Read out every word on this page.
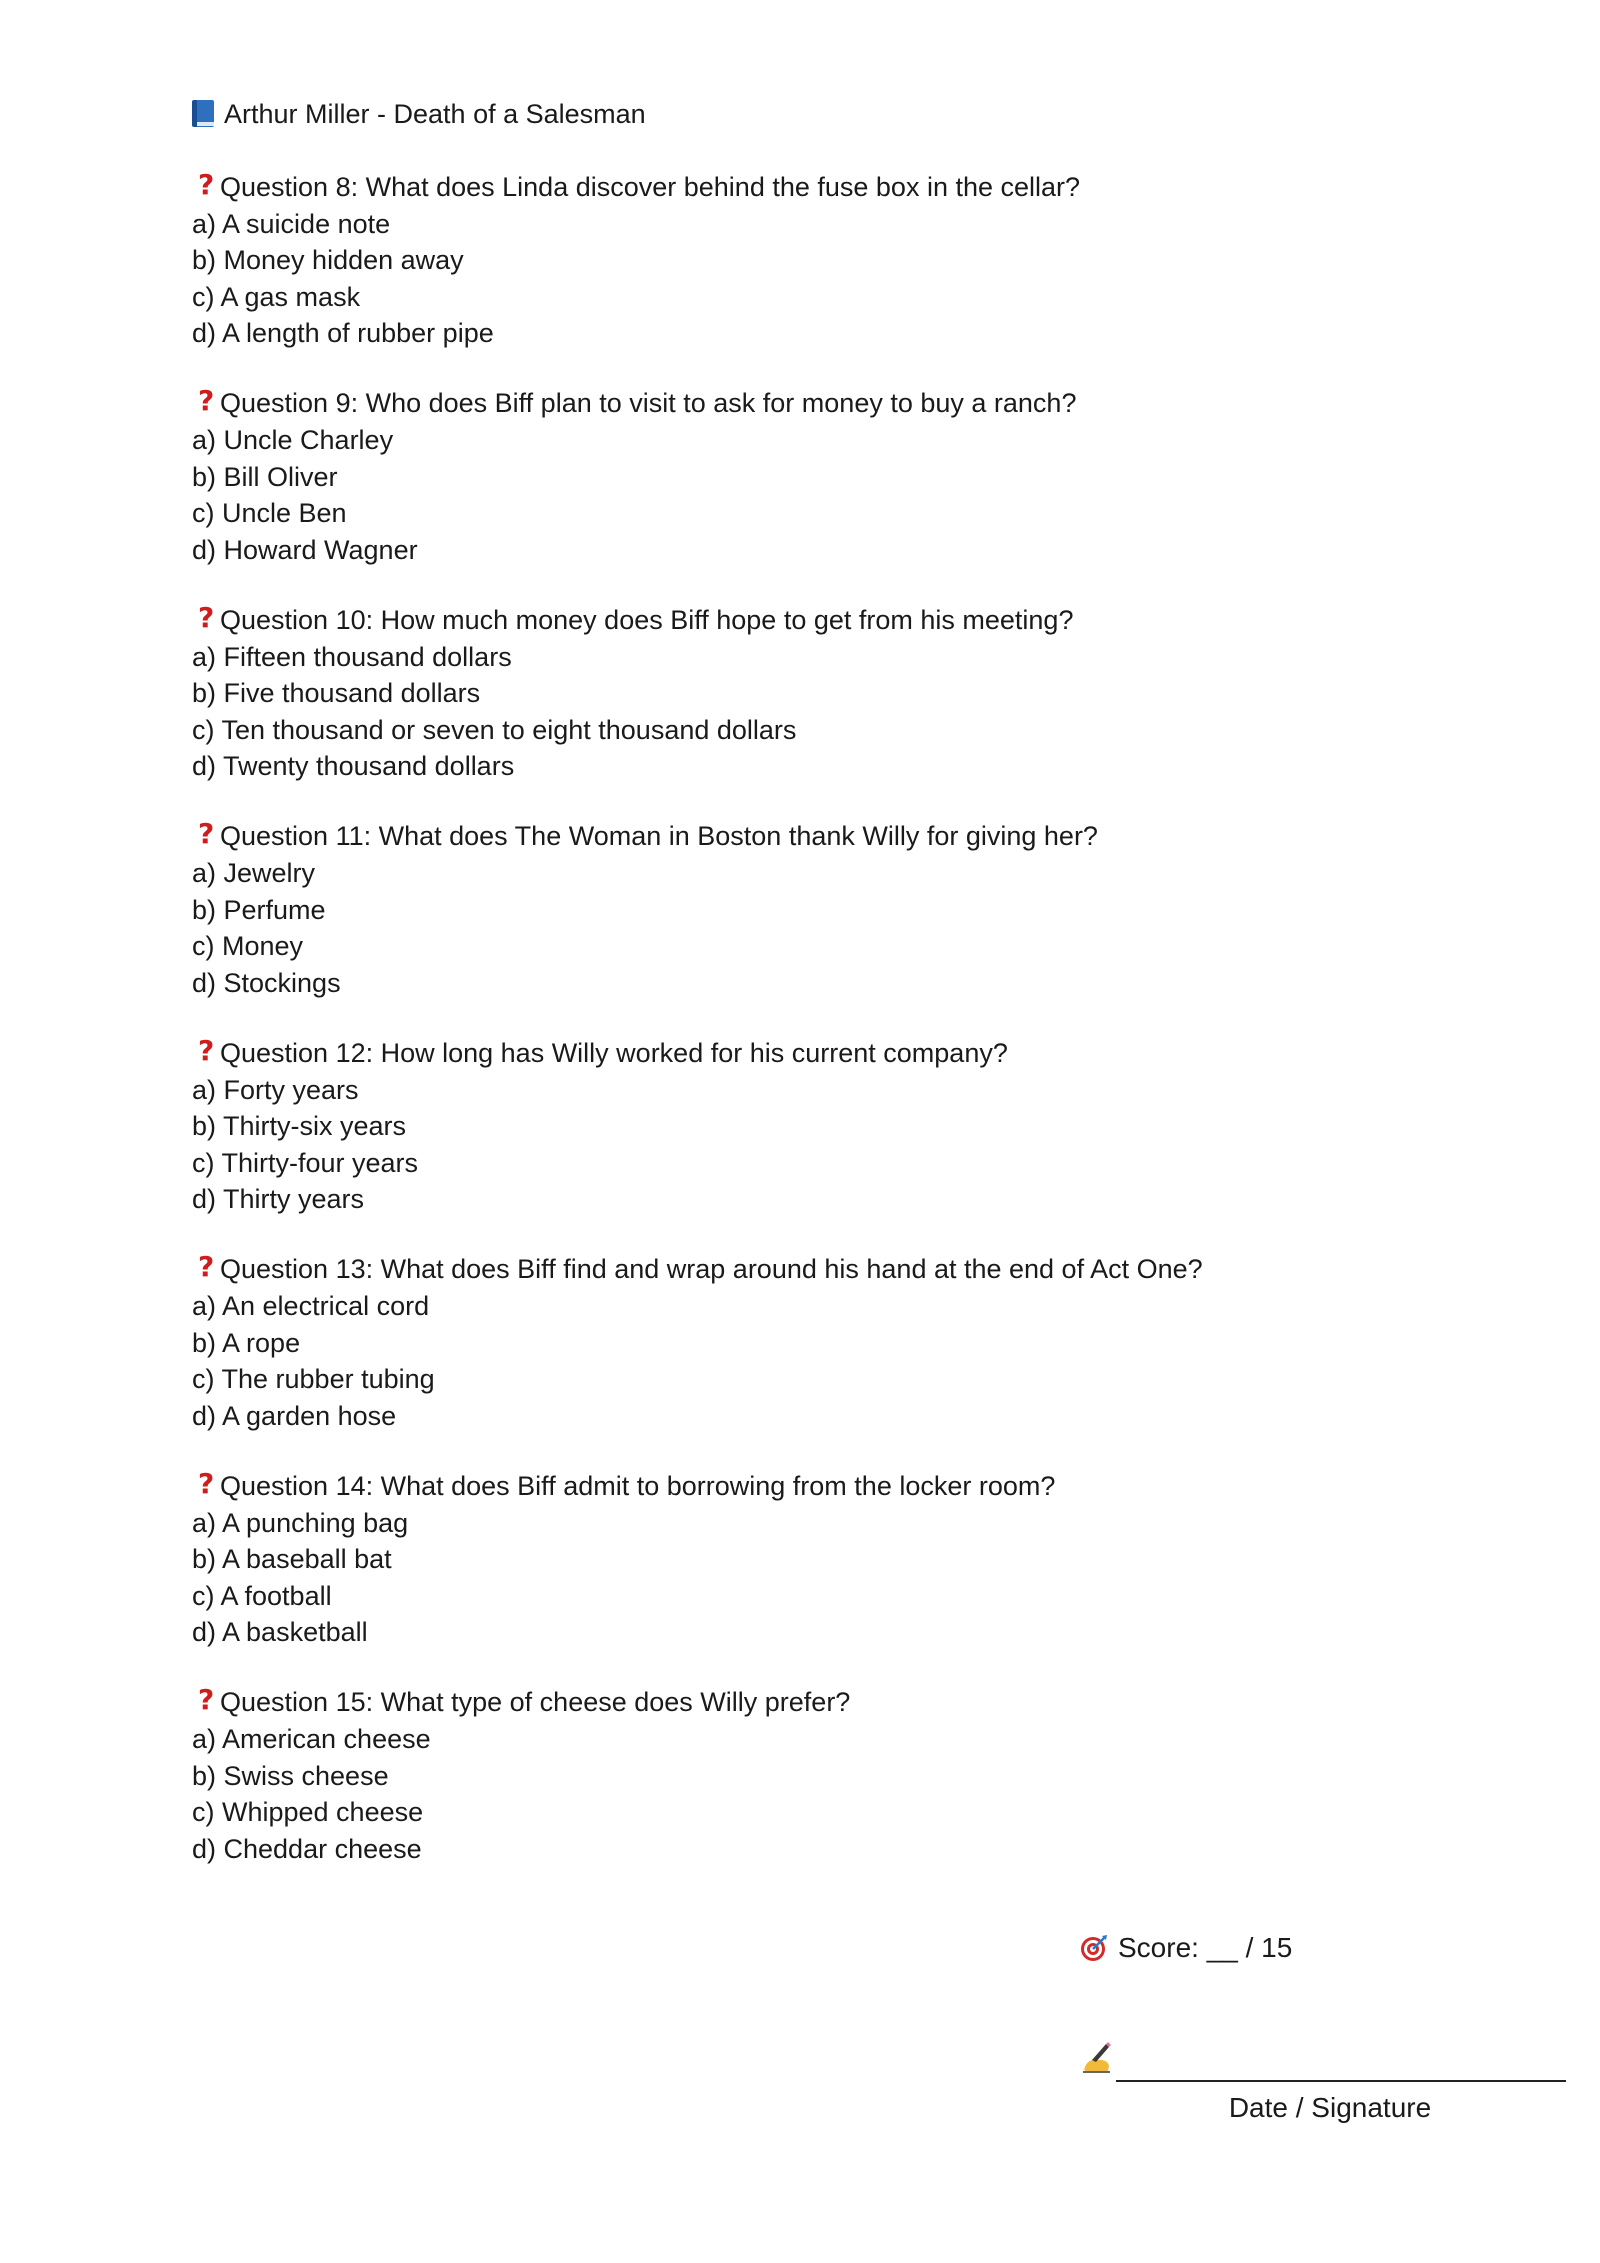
Arthur Miller - Death of a Salesman
? Question 8: What does Linda discover behind the fuse box in the cellar?
a) A suicide note
b) Money hidden away
c) A gas mask
d) A length of rubber pipe
? Question 9: Who does Biff plan to visit to ask for money to buy a ranch?
a) Uncle Charley
b) Bill Oliver
c) Uncle Ben
d) Howard Wagner
? Question 10: How much money does Biff hope to get from his meeting?
a) Fifteen thousand dollars
b) Five thousand dollars
c) Ten thousand or seven to eight thousand dollars
d) Twenty thousand dollars
? Question 11: What does The Woman in Boston thank Willy for giving her?
a) Jewelry
b) Perfume
c) Money
d) Stockings
? Question 12: How long has Willy worked for his current company?
a) Forty years
b) Thirty-six years
c) Thirty-four years
d) Thirty years
? Question 13: What does Biff find and wrap around his hand at the end of Act One?
a) An electrical cord
b) A rope
c) The rubber tubing
d) A garden hose
? Question 14: What does Biff admit to borrowing from the locker room?
a) A punching bag
b) A baseball bat
c) A football
d) A basketball
? Question 15: What type of cheese does Willy prefer?
a) American cheese
b) Swiss cheese
c) Whipped cheese
d) Cheddar cheese
Score: __ / 15
Date / Signature
